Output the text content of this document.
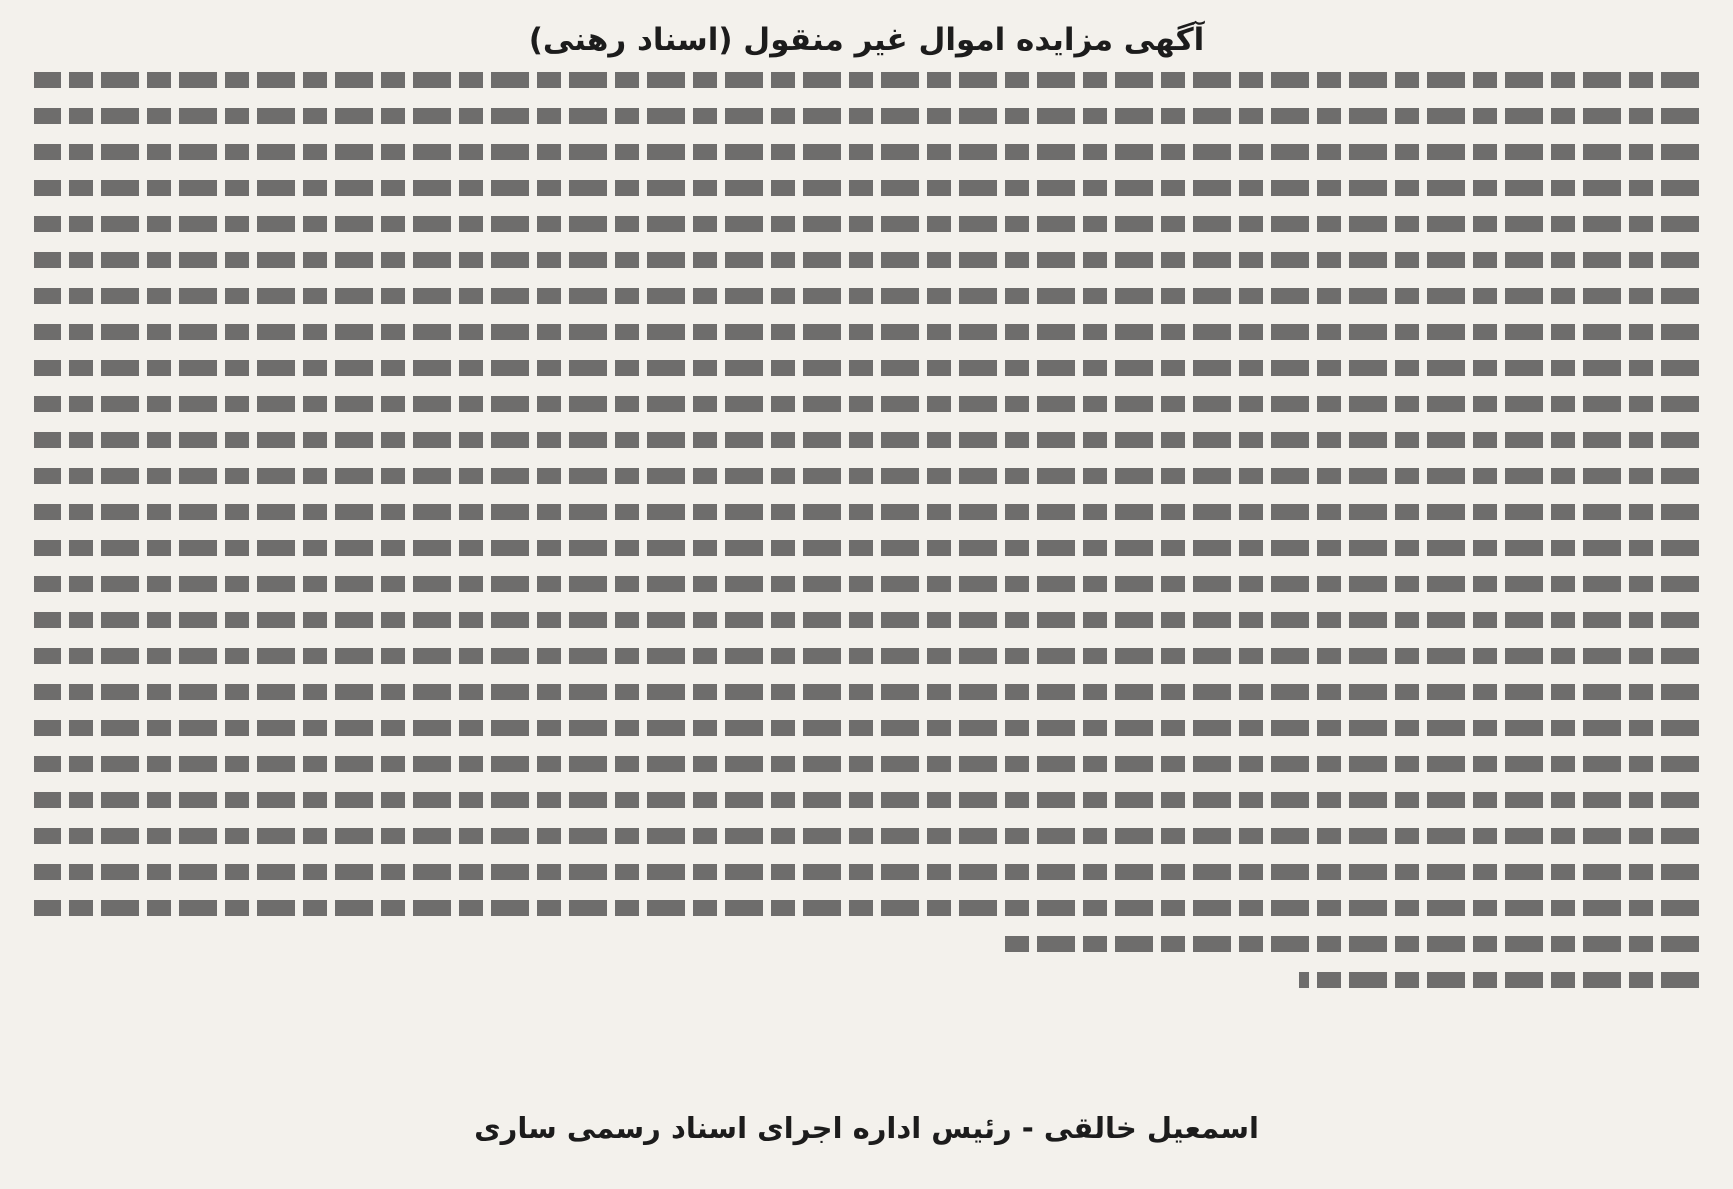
آگهی مزایده اموال غیر منقول (اسناد رهنی)
اسمعیل خالقی - رئیس اداره اجرای اسناد رسمی ساری
